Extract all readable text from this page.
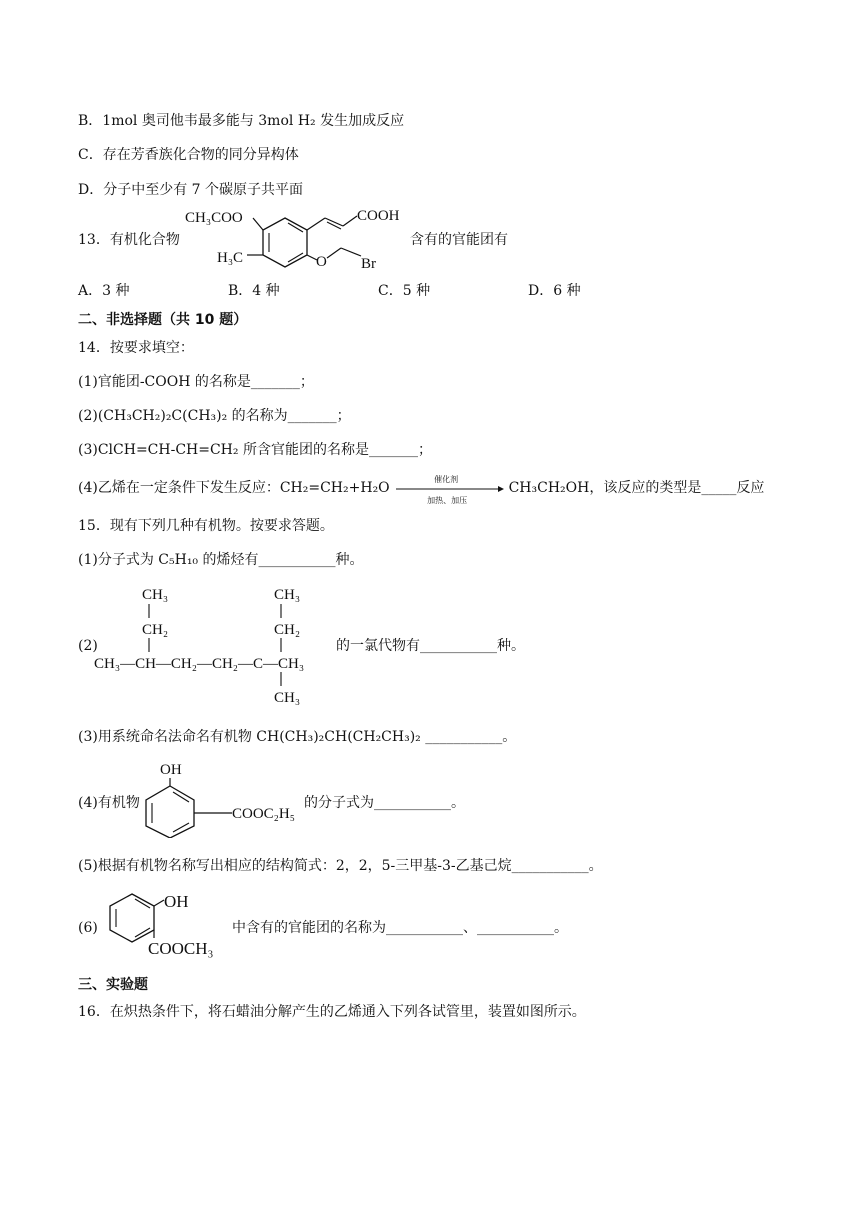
B．1mol 奥司他韦最多能与 3mol H₂ 发生加成反应
C．存在芳香族化合物的同分异构体
D．分子中至少有 7 个碳原子共平面
13．有机化合物
CH₃COO	COOH
H₃C	O Br
含有的官能团有
A．3 种	B．4 种	C．5 种	D．6 种
二、非选择题（共 10 题）
14．按要求填空：
(1)官能团-COOH 的名称是_______；
(2)(CH₃CH₂)₂C(CH₃)₂ 的名称为_______；
(3)ClCH=CH-CH=CH₂ 所含官能团的名称是_______；
(4)乙烯在一定条件下发生反应：CH₂=CH₂+H₂O
催化剂
加热、加压
CH₃CH₂OH，该反应的类型是_____反应
15．现有下列几种有机物。按要求答题。
(1)分子式为 C₅H₁₀ 的烯烃有___________种。
(2)
CH₃
CH₂
CH₃—CH—CH₂—CH₂—C—CH₃
CH₃
CH₂
CH₃
的一氯代物有___________种。
(3)用系统命名法命名有机物 CH(CH₃)₂CH(CH₂CH₃)₂ ___________。
(4)有机物
OH
COOC₂H₅
的分子式为___________。
(5)根据有机物名称写出相应的结构简式：2，2，5-三甲基-3-乙基己烷___________。
(6)
OH
COOCH₃
中含有的官能团的名称为___________、___________。
三、实验题
16．在炽热条件下，将石蜡油分解产生的乙烯通入下列各试管里，装置如图所示。
